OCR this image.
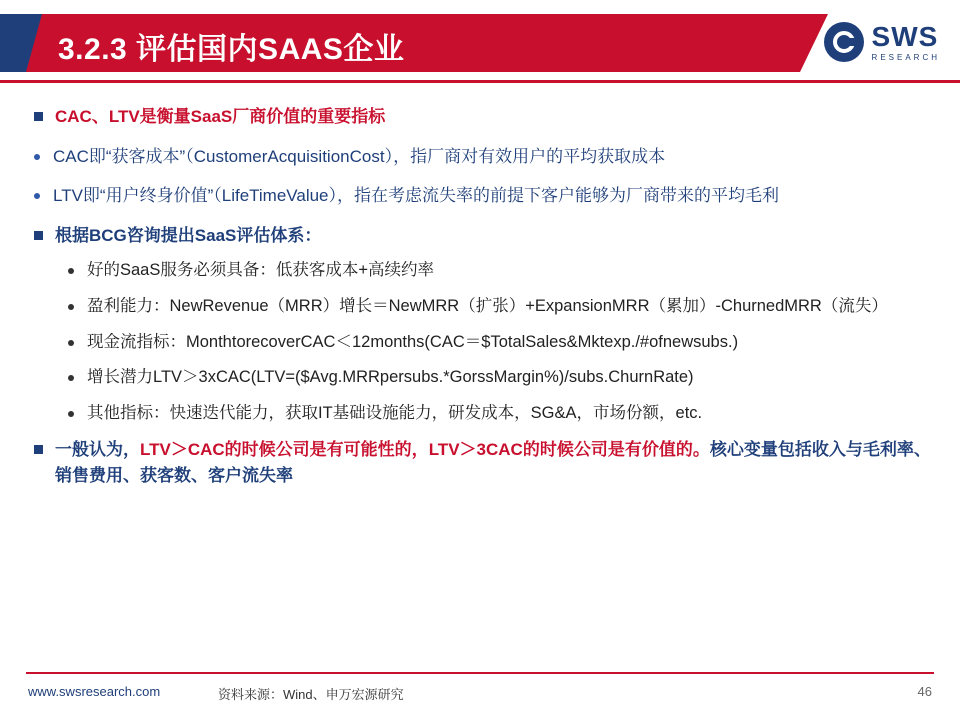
3.2.3 评估国内SAAS企业	SWS
RESEARCH
CAC、LTV是衡量SaaS厂商价值的重要指标
CAC即“获客成本”（CustomerAcquisitionCost），指厂商对有效用户的平均获取成本
LTV即“用户终身价值”（LifeTimeValue），指在考虑流失率的前提下客户能够为厂商带来的平均毛利
根据BCG咨询提出SaaS评估体系：
好的SaaS服务必须具备：低获客成本+高续约率
盈利能力：NewRevenue（MRR）增长＝NewMRR（扩张）+ExpansionMRR（累加）-ChurnedMRR（流失）
现金流指标：MonthtorecoverCAC＜12months(CAC＝$TotalSales&Mktexp./#ofnewsubs.)
增长潜力LTV＞3xCAC(LTV=($Avg.MRRpersubs.*GorssMargin%)/subs.ChurnRate)
其他指标：快速迭代能力，获取IT基础设施能力，研发成本，SG&A，市场份额，etc.
一般认为，LTV＞CAC的时候公司是有可能性的，LTV＞3CAC的时候公司是有价值的。核心变量包括收入与毛利率、销售费用、获客数、客户流失率
www.swsresearch.com	资料来源：Wind、申万宏源研究	46
